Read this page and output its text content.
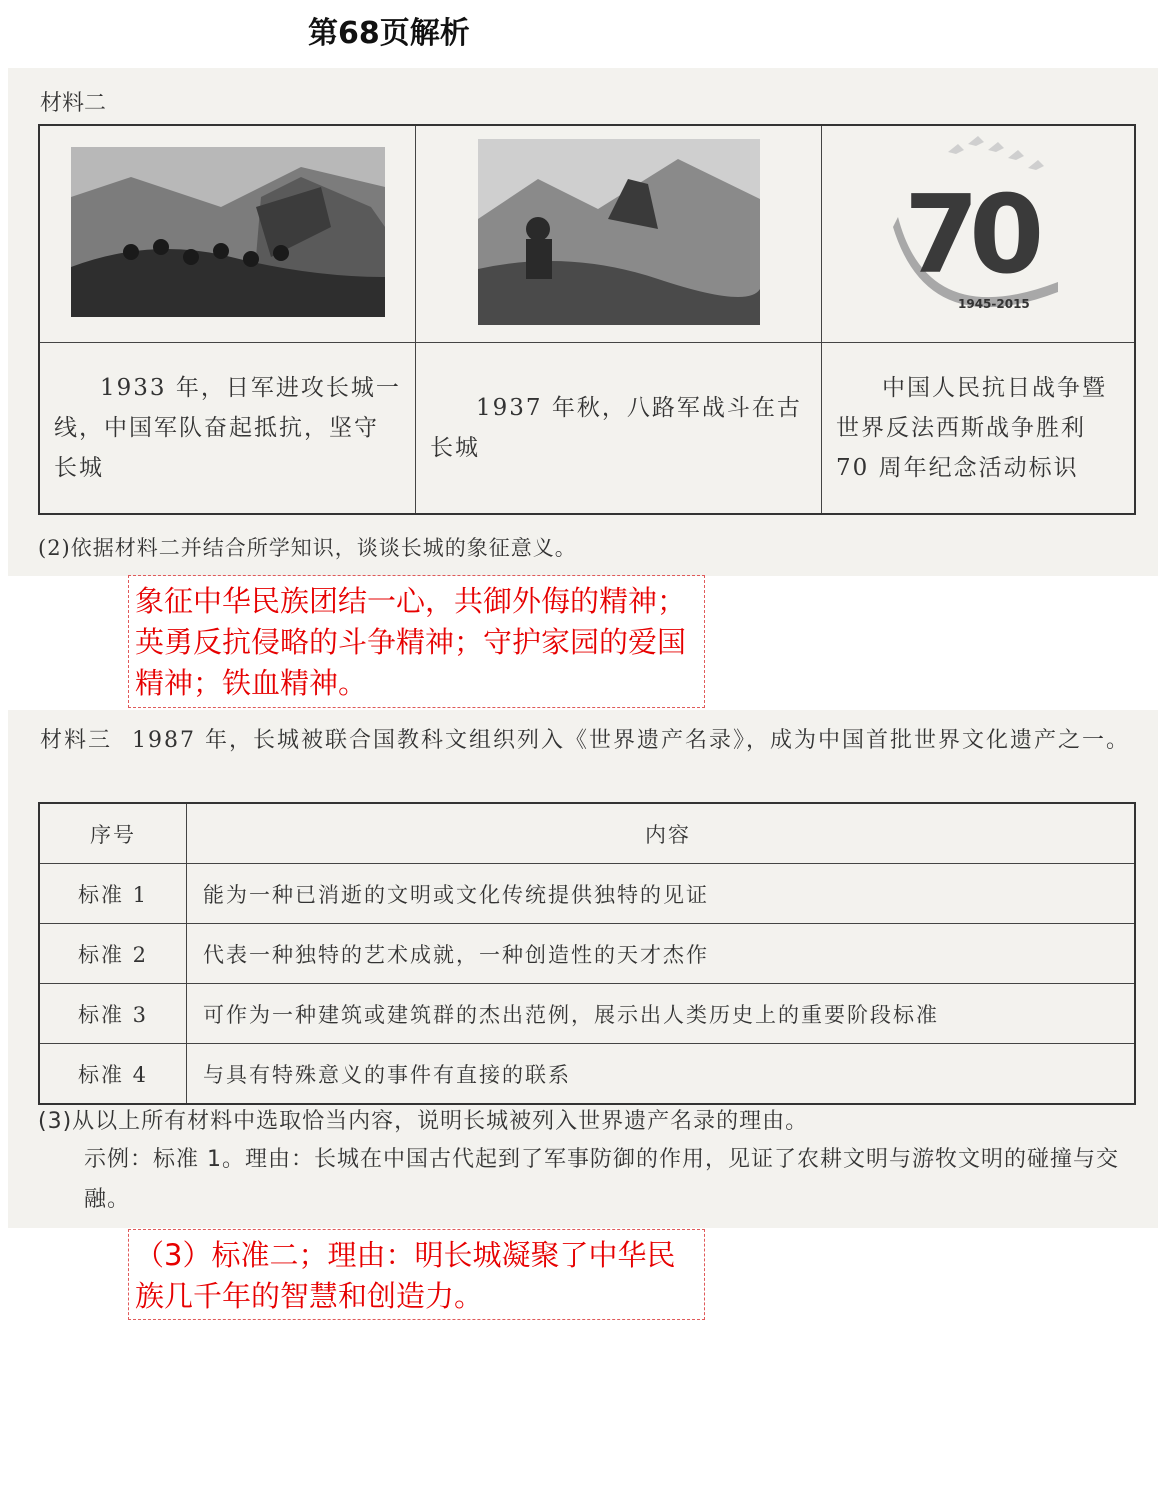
第68页解析
材料二

70
1945-2015

1933 年，日军进攻长城一线，中国军队奋起抵抗，坚守长城	1937 年秋，八路军战斗在古长城	中国人民抗日战争暨世界反法西斯战争胜利 70 周年纪念活动标识
(2)依据材料二并结合所学知识，谈谈长城的象征意义。
象征中华民族团结一心，共御外侮的精神；英勇反抗侵略的斗争精神；守护家园的爱国精神；铁血精神。
材料三 1987 年，长城被联合国教科文组织列入《世界遗产名录》，成为中国首批世界文化遗产之一。
序号	内容
标准 1	能为一种已消逝的文明或文化传统提供独特的见证
标准 2	代表一种独特的艺术成就，一种创造性的天才杰作
标准 3	可作为一种建筑或建筑群的杰出范例，展示出人类历史上的重要阶段标准
标准 4	与具有特殊意义的事件有直接的联系
(3)从以上所有材料中选取恰当内容，说明长城被列入世界遗产名录的理由。
示例：标准 1。理由：长城在中国古代起到了军事防御的作用，见证了农耕文明与游牧文明的碰撞与交融。
（3）标准二；理由：明长城凝聚了中华民族几千年的智慧和创造力。
